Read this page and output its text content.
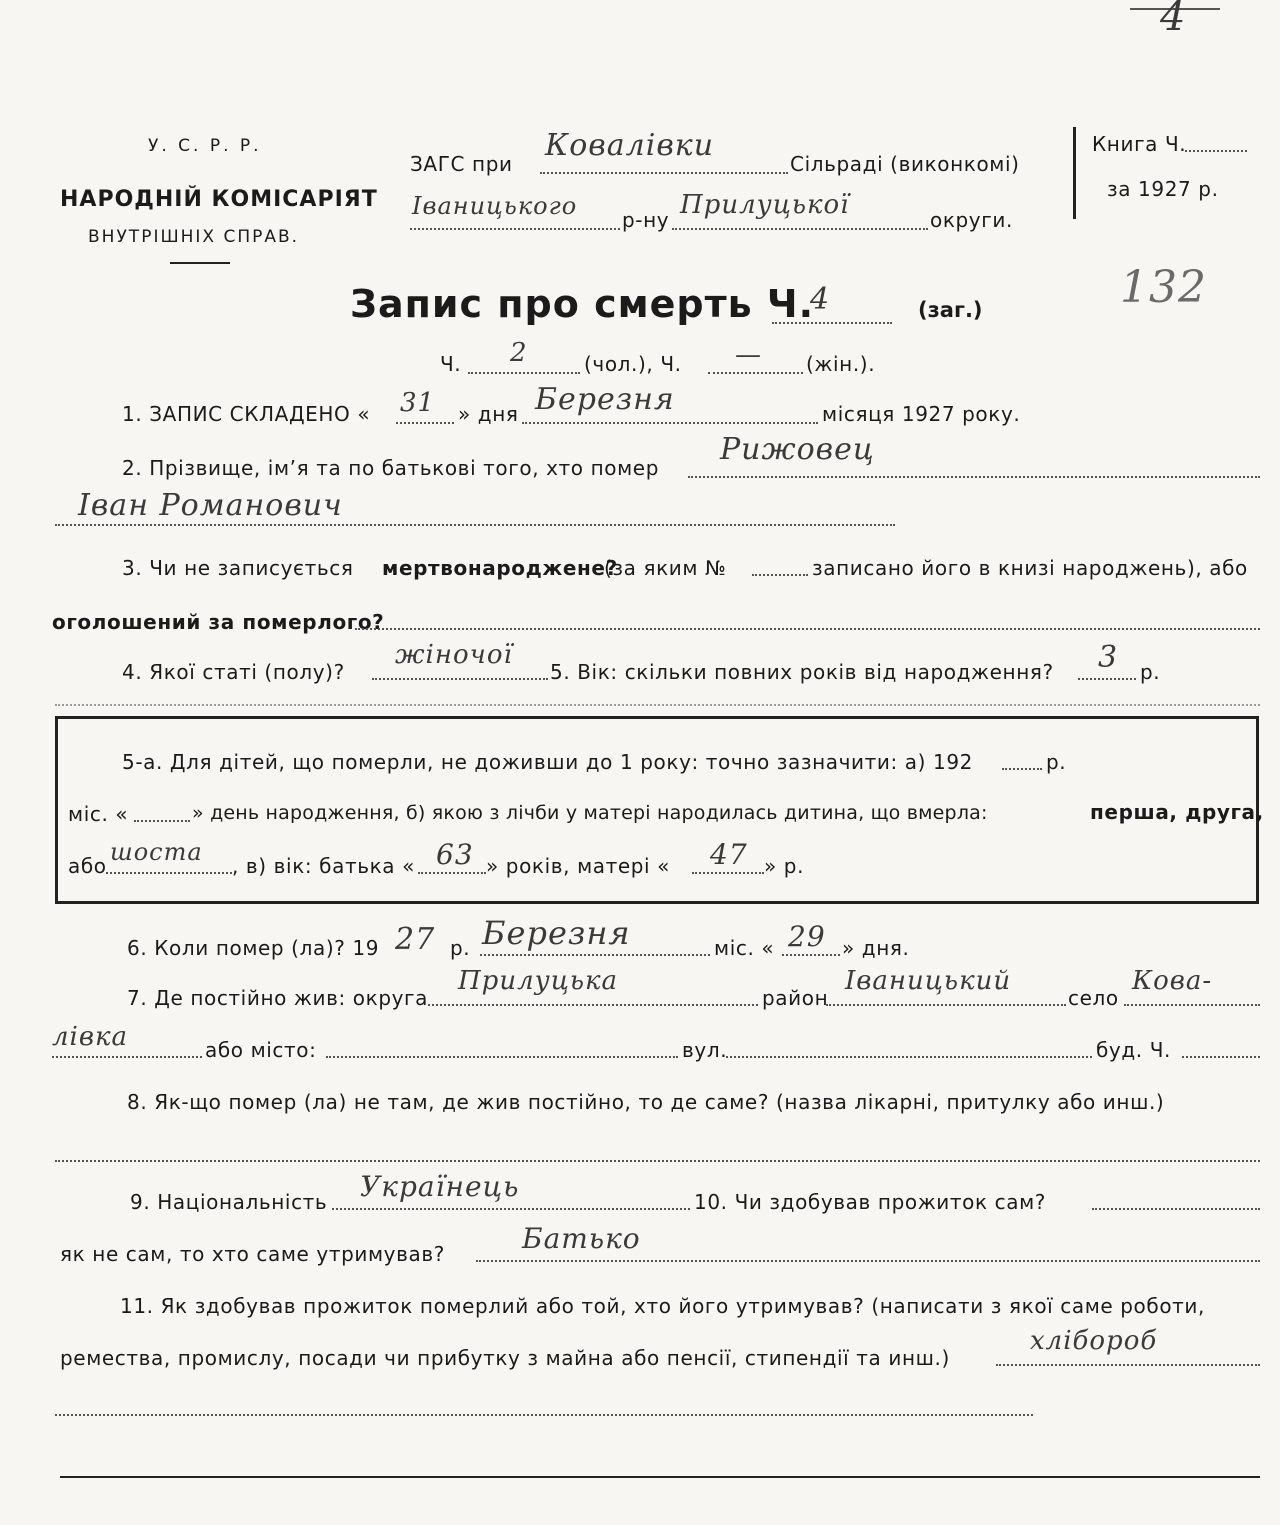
4
132
У. С. Р. Р.
НАРОДНІЙ КОМІСАРІЯТ
ВНУТРІШНІХ СПРАВ.
ЗАГС при
Ковалівки
Сільраді (виконкомі)
Іваницького р-ну Прилуцької	округи.
Книга Ч.
за 1927 р.
Запис про смерть Ч.
4	(заг.)
Ч. 2	(чол.), Ч. — (жін.).
1. ЗАПИС СКЛАДЕНО « 31 » дня Березня	місяця 1927 року.
2. Прізвище, ім’я та по батькові того, хто помер
Рижовец
Іван Романович
3. Чи не записується мертвонароджене?
(за яким №	записано його в книзі народжень), або
оголошений за померлого?
4. Якої статі (полу)?
жіночої
5. Вік: скільки повних років від народження? 3 р.
5-а. Для дітей, що померли, не доживши до 1 року: точно зазначити: а) 192	р.
міс. «	» день народження, б) якою з лічби у матері народилась дитина, що вмерла:	перша, друга,
або шоста , в) вік: батька « 63 » років, матері « 47 » р.
6. Коли помер (ла)? 19 27 р. Березня	міс. « 29 » дня.
7. Де постійно жив: округа
Прилуцька
район
Іваницький
село
Кова-
лівка	або місто:	вул.	буд. Ч.
8. Як-що помер (ла) не там, де жив постійно, то де саме? (назва лікарні, притулку або инш.)
9. Національність Українець	10. Чи здобував прожиток сам?
як не сам, то хто саме утримував?	Батько
11. Як здобував прожиток померлий або той, хто його утримував? (написати з якої саме роботи,
ремества, промислу, посади чи прибутку з майна або пенсії, стипендії та инш.)
хлібороб
